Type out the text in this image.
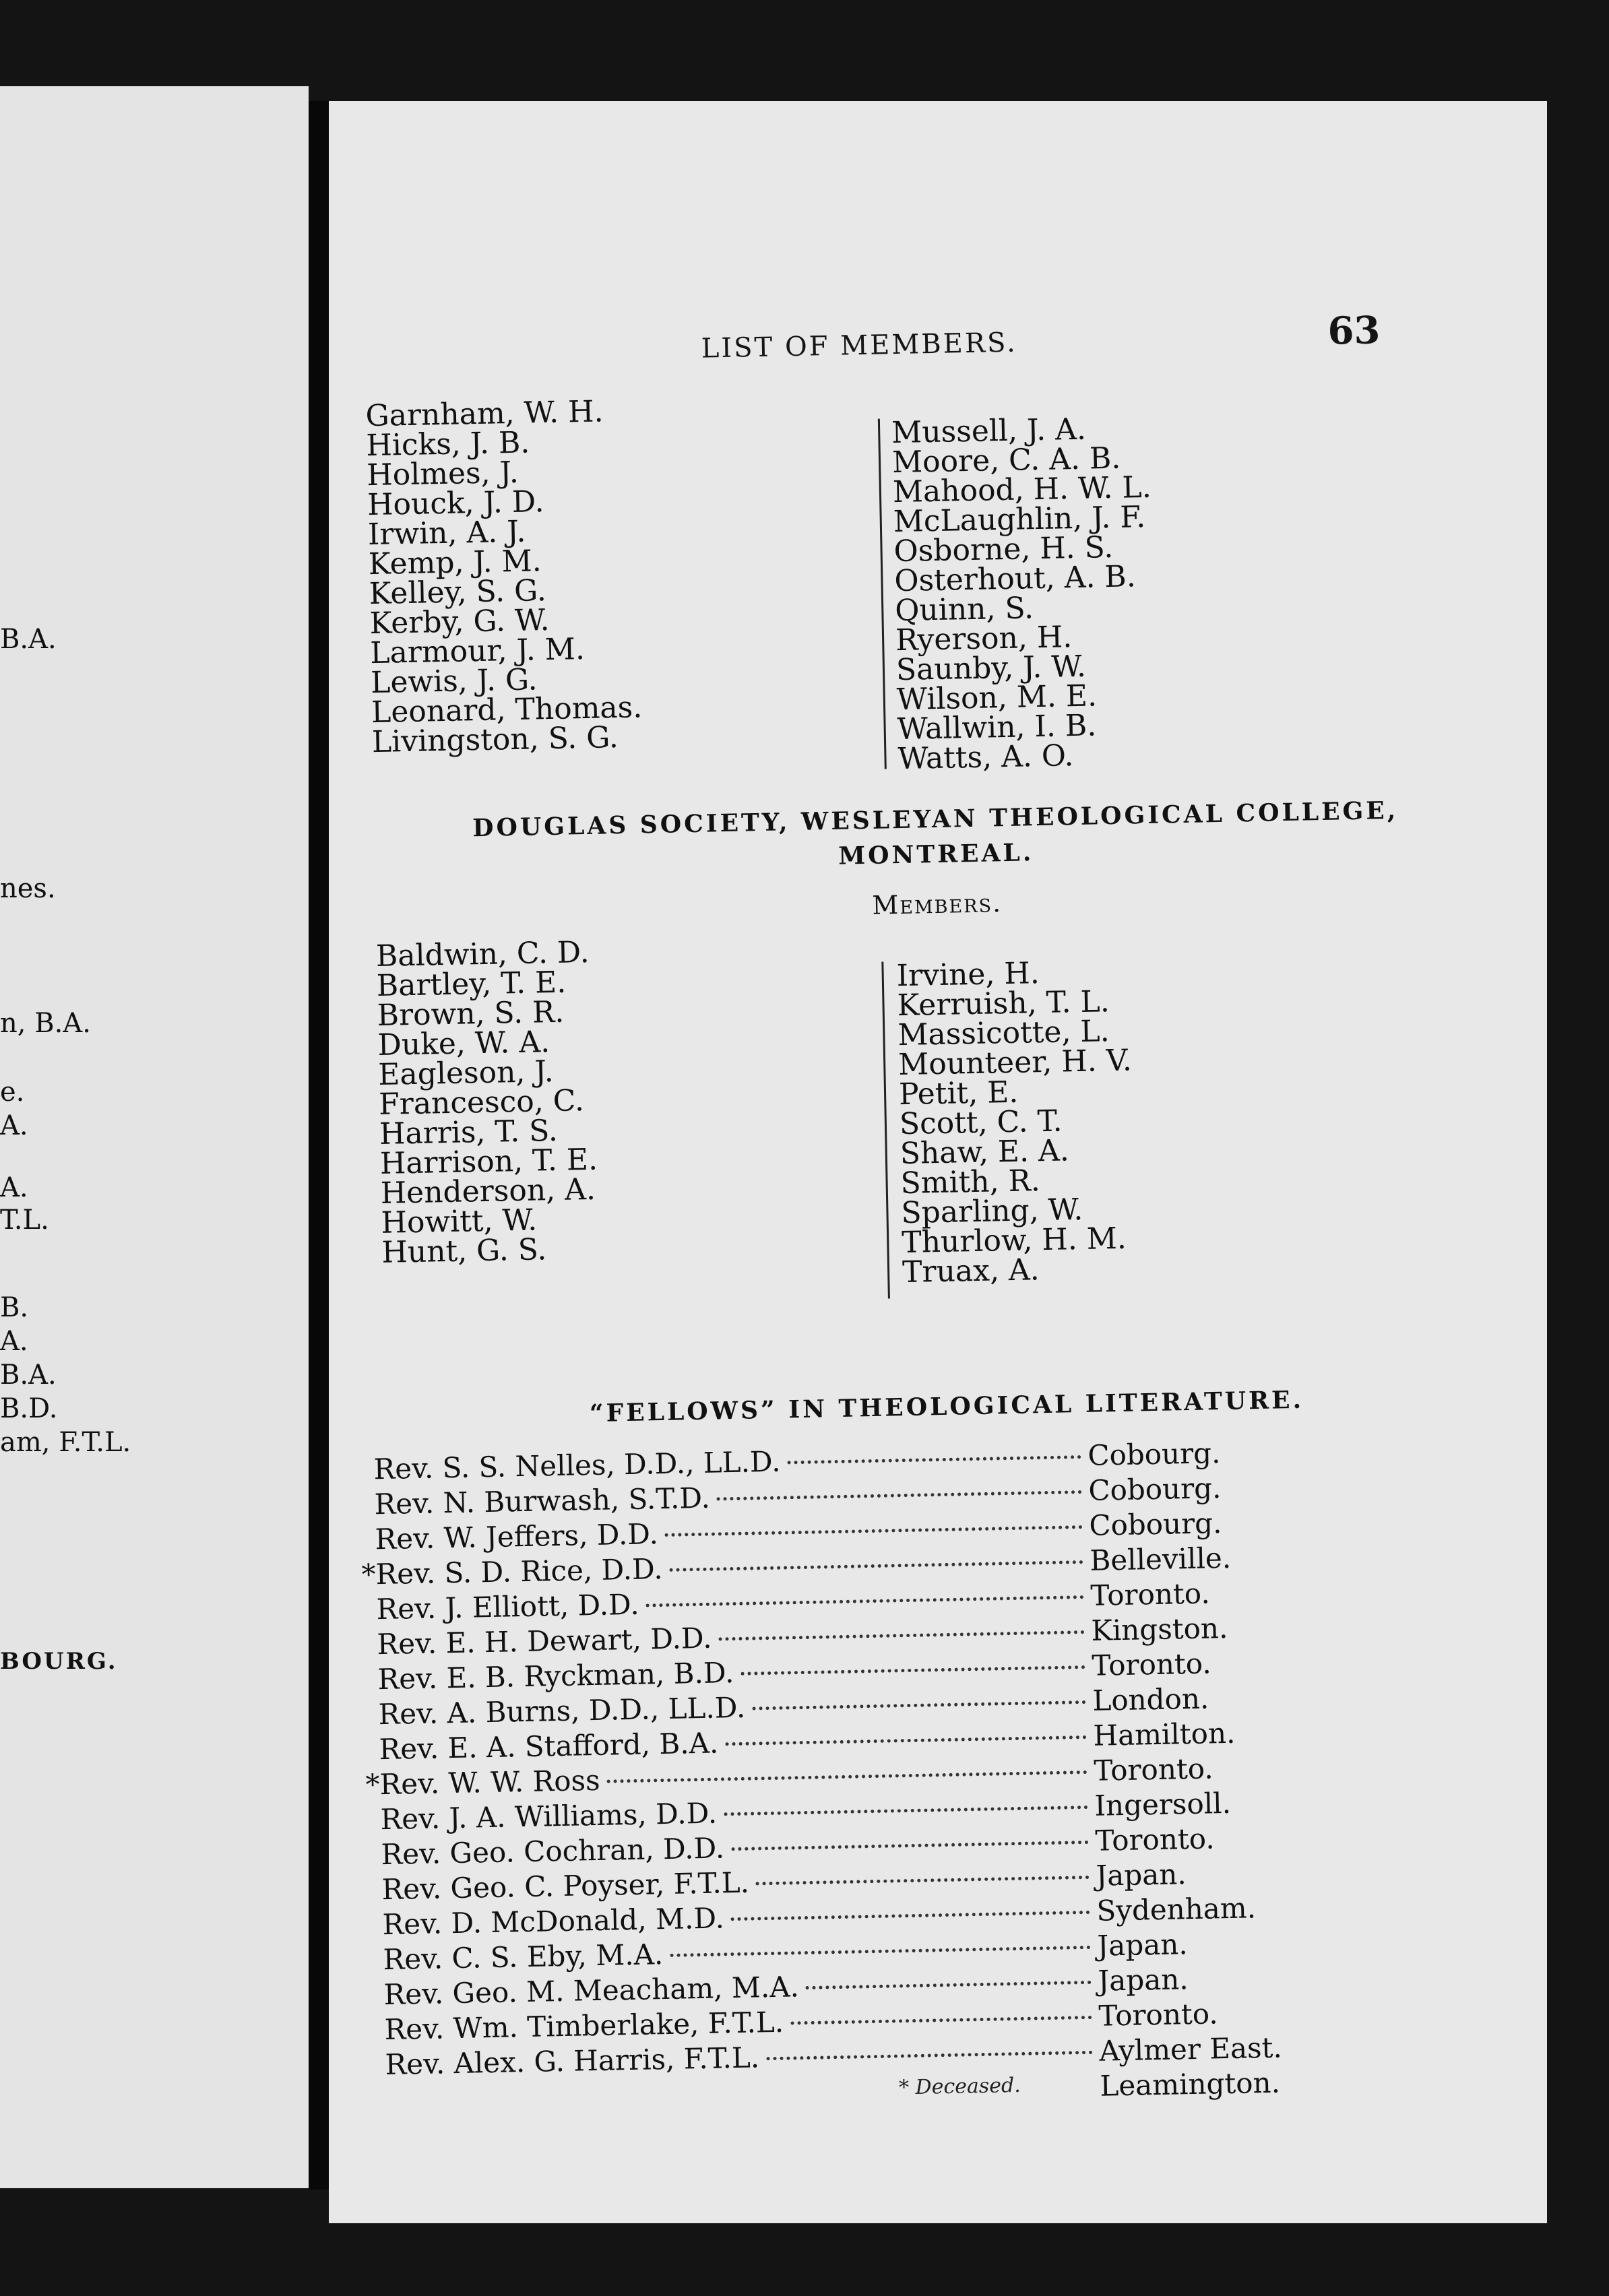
B.A.
nes.
n, B.A.
e.
A.
A.
T.L.
B.
A.
B.A.
B.D.
am, F.T.L.
BOURG.
LIST OF MEMBERS.	63
Garnham, W. H.
Hicks, J. B.
Holmes, J.
Houck, J. D.
Irwin, A. J.
Kemp, J. M.
Kelley, S. G.
Kerby, G. W.
Larmour, J. M.
Lewis, J. G.
Leonard, Thomas.
Livingston, S. G.
Mussell, J. A.
Moore, C. A. B.
Mahood, H. W. L.
McLaughlin, J. F.
Osborne, H. S.
Osterhout, A. B.
Quinn, S.
Ryerson, H.
Saunby, J. W.
Wilson, M. E.
Wallwin, I. B.
Watts, A. O.
DOUGLAS SOCIETY, WESLEYAN THEOLOGICAL COLLEGE,
MONTREAL.
Members.
Baldwin, C. D.
Bartley, T. E.
Brown, S. R.
Duke, W. A.
Eagleson, J.
Francesco, C.
Harris, T. S.
Harrison, T. E.
Henderson, A.
Howitt, W.
Hunt, G. S.
Irvine, H.
Kerruish, T. L.
Massicotte, L.
Mounteer, H. V.
Petit, E.
Scott, C. T.
Shaw, E. A.
Smith, R.
Sparling, W.
Thurlow, H. M.
Truax, A.
“FELLOWS” IN THEOLOGICAL LITERATURE.
Rev. S. S. Nelles, D.D., LL.D.	Cobourg.
Rev. N. Burwash, S.T.D.	Cobourg.
Rev. W. Jeffers, D.D.	Cobourg.
* Rev. S. D. Rice, D.D.	Belleville.
Rev. J. Elliott, D.D.	Toronto.
Rev. E. H. Dewart, D.D.	Kingston.
Rev. E. B. Ryckman, B.D.	Toronto.
Rev. A. Burns, D.D., LL.D.	London.
Rev. E. A. Stafford, B.A.	Hamilton.
* Rev. W. W. Ross	Toronto.
Rev. J. A. Williams, D.D.	Ingersoll.
Rev. Geo. Cochran, D.D.	Toronto.
Rev. Geo. C. Poyser, F.T.L.	Japan.
Rev. D. McDonald, M.D.	Sydenham.
Rev. C. S. Eby, M.A.	Japan.
Rev. Geo. M. Meacham, M.A.	Japan.
Rev. Wm. Timberlake, F.T.L.	Toronto.
Rev. Alex. G. Harris, F.T.L.	Aylmer East.
Leamington.
* Deceased.
